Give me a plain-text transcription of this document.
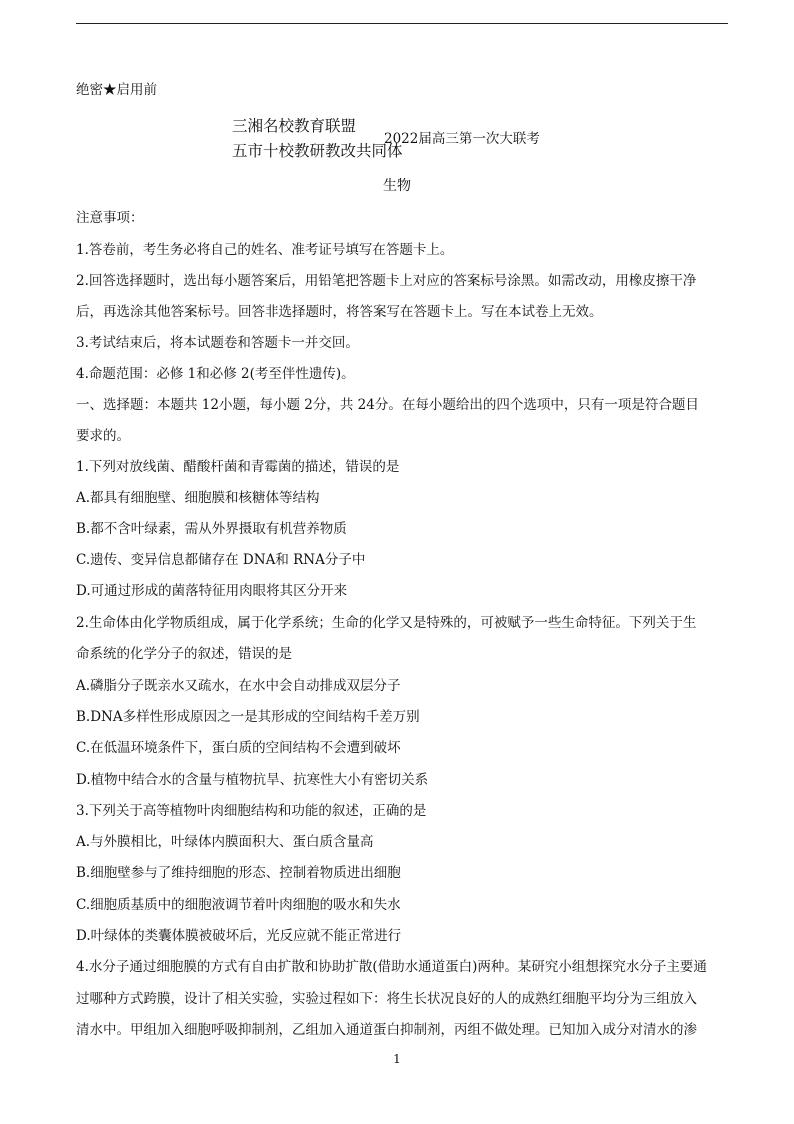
绝密★启用前
三湘名校教育联盟
五市十校教研教改共同体
2022届高三第一次大联考
生物
注意事项：
1.答卷前，考生务必将自己的姓名、准考证号填写在答题卡上。
2.回答选择题时，选出每小题答案后，用铅笔把答题卡上对应的答案标号涂黑。如需改动，用橡皮擦干净
后，再选涂其他答案标号。回答非选择题时，将答案写在答题卡上。写在本试卷上无效。
3.考试结束后，将本试题卷和答题卡一并交回。
4.命题范围：必修 1和必修 2(考至伴性遗传)。
一、选择题：本题共 12小题，每小题 2分，共 24分。在每小题给出的四个选项中，只有一项是符合题目
要求的。
1.下列对放线菌、醋酸杆菌和青霉菌的描述，错误的是
A.都具有细胞壁、细胞膜和核糖体等结构
B.都不含叶绿素，需从外界摄取有机营养物质
C.遗传、变异信息都储存在 DNA和 RNA分子中
D.可通过形成的菌落特征用肉眼将其区分开来
2.生命体由化学物质组成，属于化学系统；生命的化学又是特殊的，可被赋予一些生命特征。下列关于生
命系统的化学分子的叙述，错误的是
A.磷脂分子既亲水又疏水，在水中会自动排成双层分子
B.DNA多样性形成原因之一是其形成的空间结构千差万别
C.在低温环境条件下，蛋白质的空间结构不会遭到破坏
D.植物中结合水的含量与植物抗旱、抗寒性大小有密切关系
3.下列关于高等植物叶肉细胞结构和功能的叙述，正确的是
A.与外膜相比，叶绿体内膜面积大、蛋白质含量高
B.细胞壁参与了维持细胞的形态、控制着物质进出细胞
C.细胞质基质中的细胞液调节着叶肉细胞的吸水和失水
D.叶绿体的类囊体膜被破坏后，光反应就不能正常进行
4.水分子通过细胞膜的方式有自由扩散和协助扩散(借助水通道蛋白)两种。某研究小组想探究水分子主要通
过哪种方式跨膜，设计了相关实验，实验过程如下：将生长状况良好的人的成熟红细胞平均分为三组放入
清水中。甲组加入细胞呼吸抑制剂，乙组加入通道蛋白抑制剂，丙组不做处理。已知加入成分对清水的渗
1
